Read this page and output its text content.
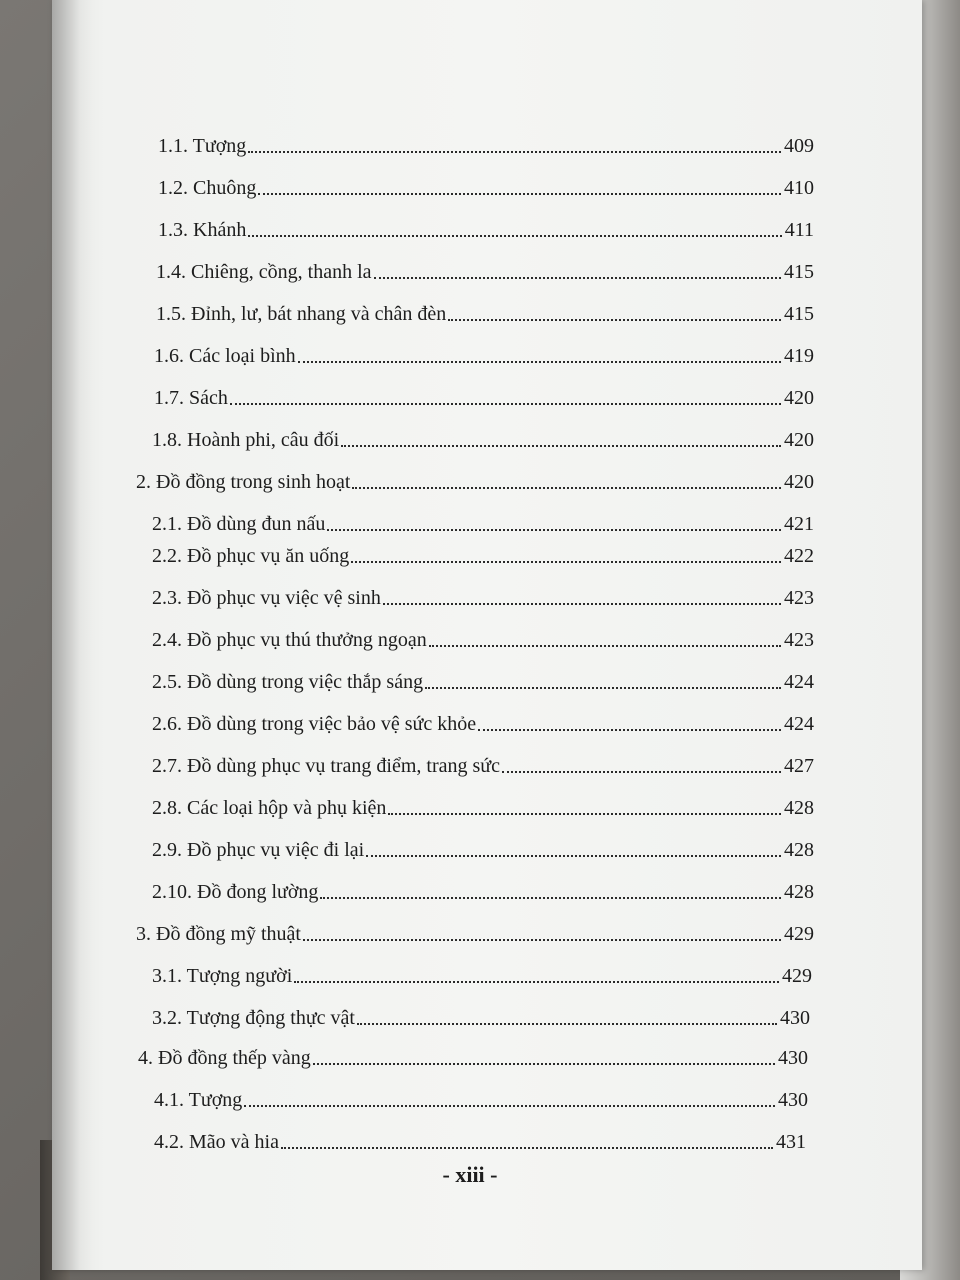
1.1. Tượng	409
1.2. Chuông	410
1.3. Khánh	411
1.4. Chiêng, cồng, thanh la	415
1.5. Đỉnh, lư, bát nhang và chân đèn	415
1.6. Các loại bình	419
1.7. Sách	420
1.8. Hoành phi, câu đối	420
2. Đồ đồng trong sinh hoạt	420
2.1. Đồ dùng đun nấu	421
2.2. Đồ phục vụ ăn uống	422
2.3. Đồ phục vụ việc vệ sinh	423
2.4. Đồ phục vụ thú thưởng ngoạn	423
2.5. Đồ dùng trong việc thắp sáng	424
2.6. Đồ dùng trong việc bảo vệ sức khỏe	424
2.7. Đồ dùng phục vụ trang điểm, trang sức	427
2.8. Các loại hộp và phụ kiện	428
2.9. Đồ phục vụ việc đi lại	428
2.10. Đồ đong lường	428
3. Đồ đồng mỹ thuật	429
3.1. Tượng người	429
3.2. Tượng động thực vật	430
4. Đồ đồng thếp vàng	430
4.1. Tượng	430
4.2. Mão và hia	431
- xiii -
